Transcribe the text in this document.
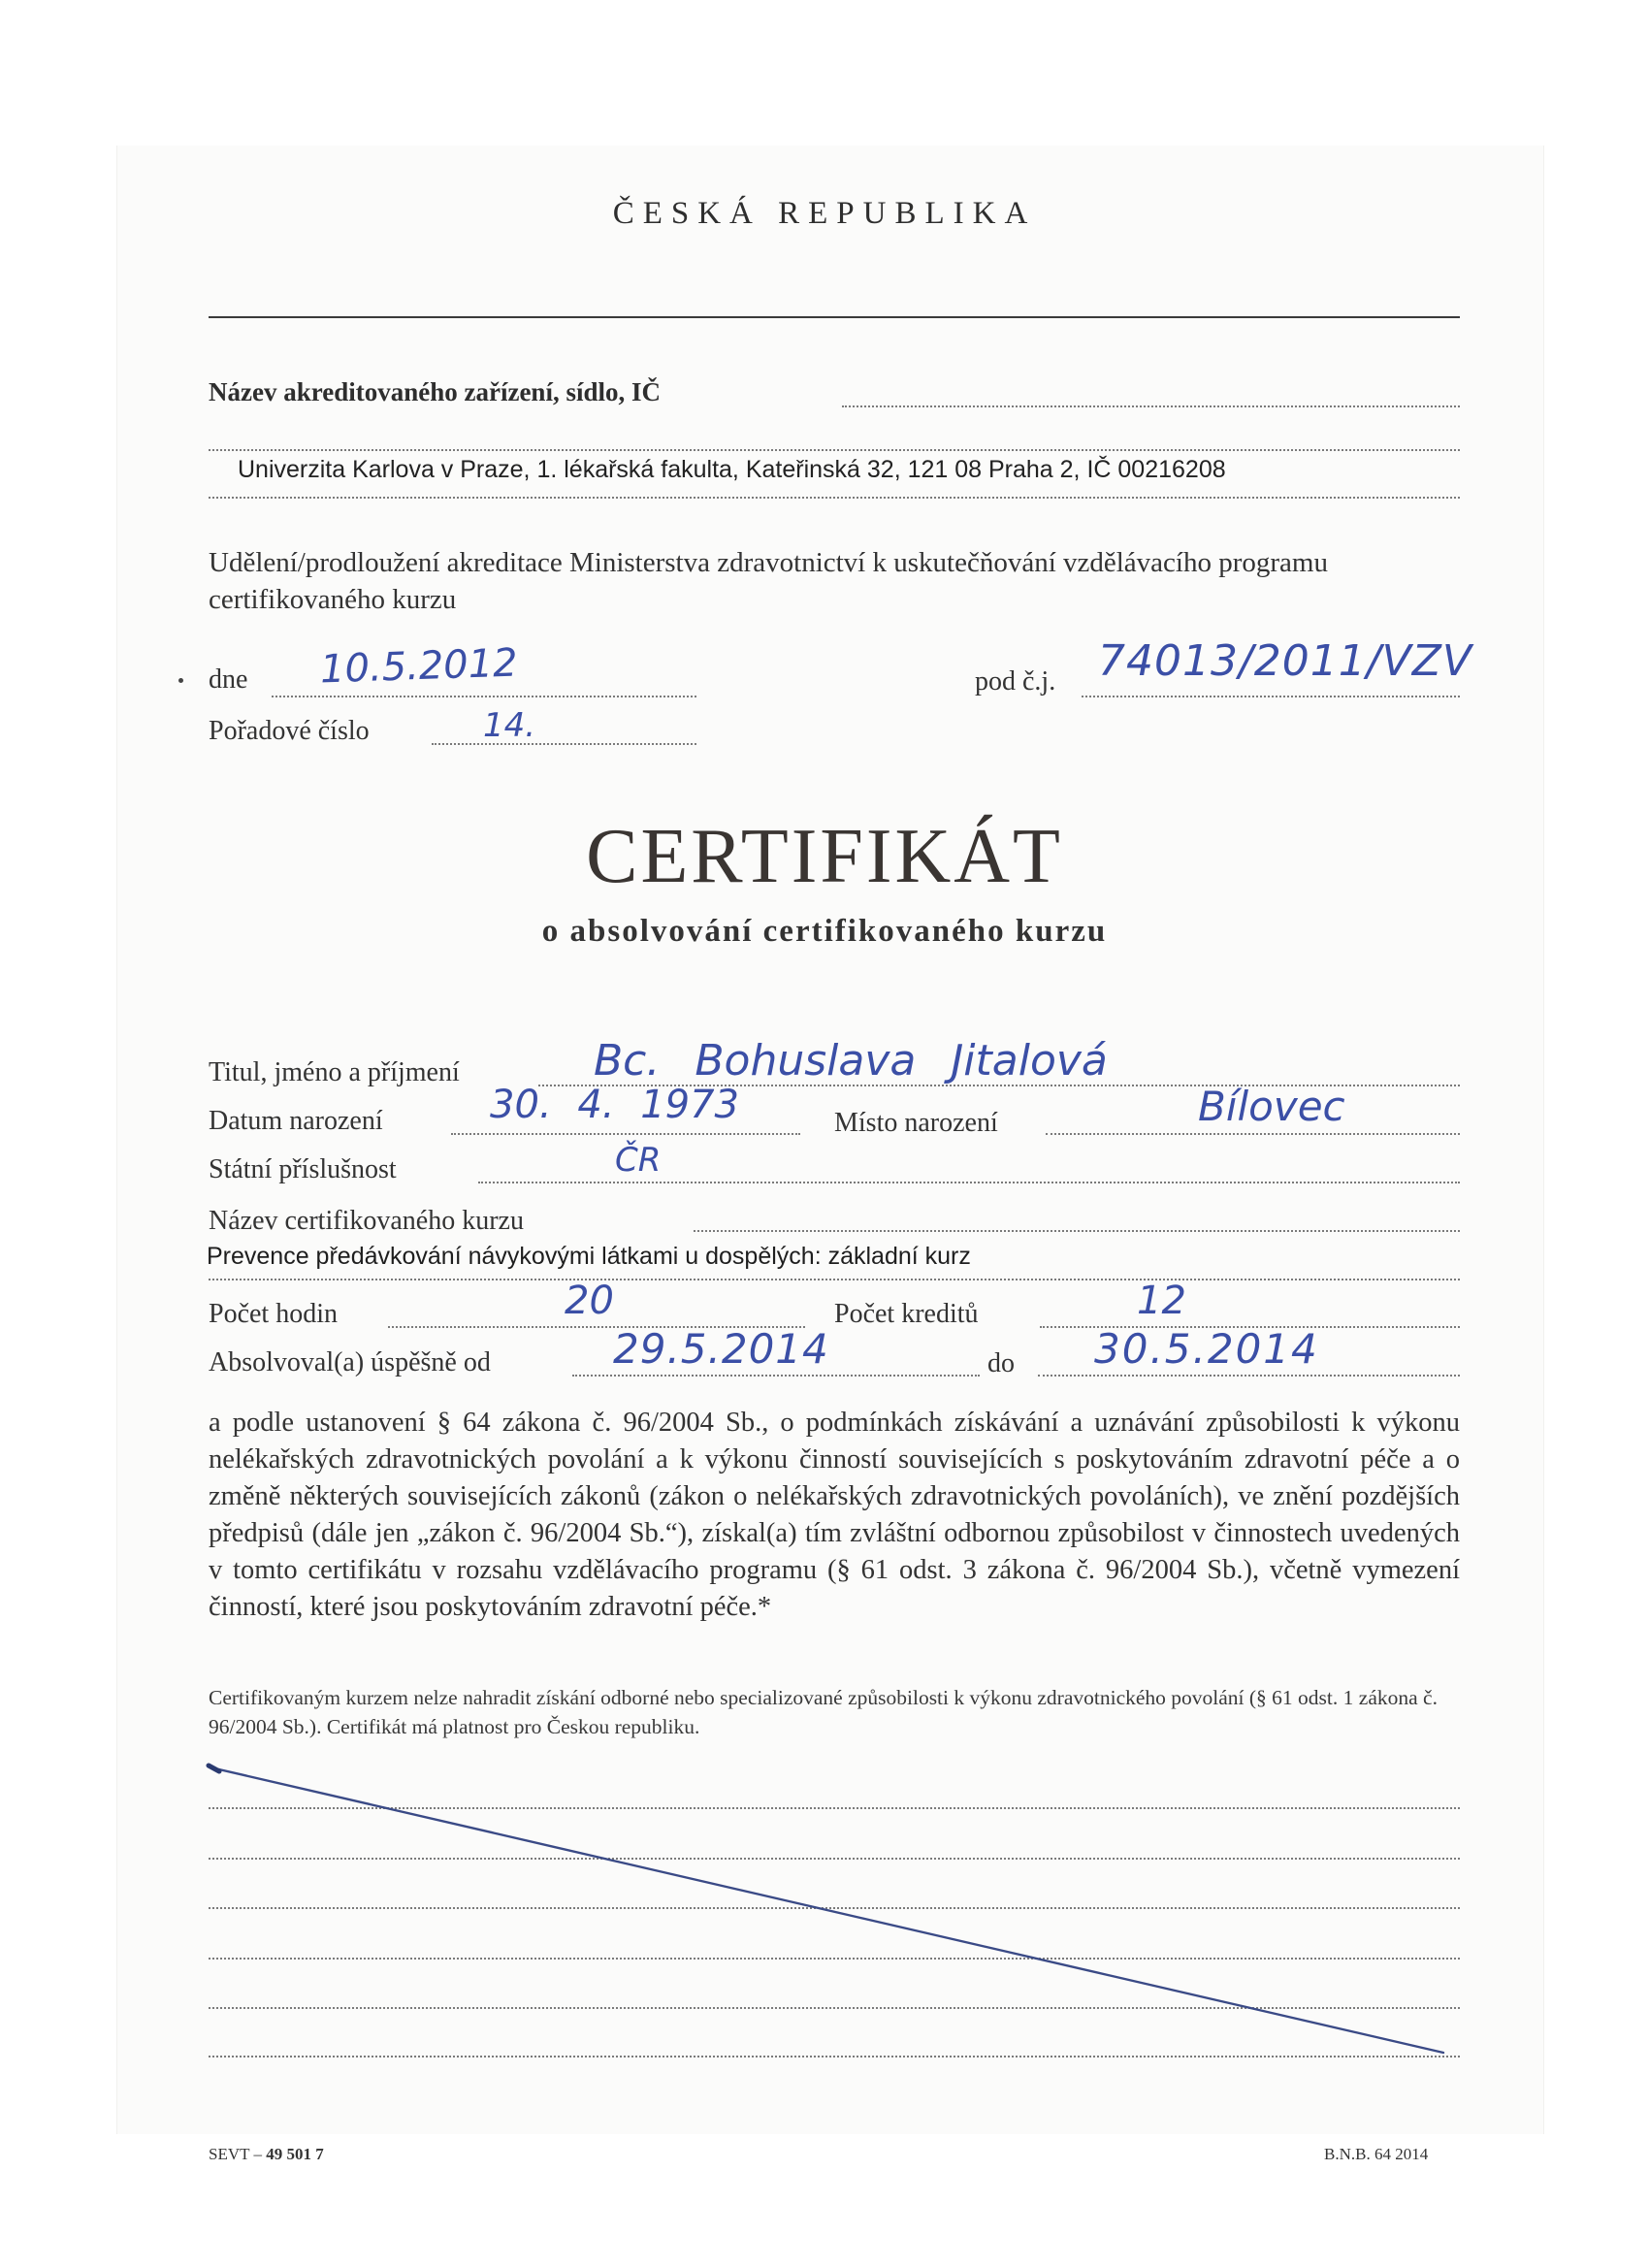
ČESKÁ REPUBLIKA
Název akreditovaného zařízení, sídlo, IČ
Univerzita Karlova v Praze, 1. lékařská fakulta, Kateřinská 32, 121 08 Praha 2, IČ 00216208
Udělení/prodloužení akreditace Ministerstva zdravotnictví k uskutečňování vzdělávacího programu certifikovaného kurzu
dne 10.5.2012	pod č.j. 74013/2011/VZV
Pořadové číslo	14.
CERTIFIKÁT
o absolvování certifikovaného kurzu
Titul, jméno a příjmení	Bc. Bohuslava Jitalová
Datum narození	30. 4. 1973	Místo narození	Bílovec
Státní příslušnost	ČR
Název certifikovaného kurzu
Prevence předávkování návykovými látkami u dospělých: základní kurz
Počet hodin	20	Počet kreditů	12
Absolvoval(a) úspěšně od	29.5.2014	do 30.5.2014
a podle ustanovení § 64 zákona č. 96/2004 Sb., o podmínkách získávání a uznávání způsobilosti k výkonu nelékařských zdravotnických povolání a k výkonu činností souvisejících s poskytováním zdravotní péče a o změně některých souvisejících zákonů (zákon o nelékařských zdravotnických povoláních), ve znění pozdějších předpisů (dále jen „zákon č. 96/2004 Sb.“), získal(a) tím zvláštní odbornou způsobilost v činnostech uvedených v tomto certifikátu v rozsahu vzdělávacího programu (§ 61 odst. 3 zákona č. 96/2004 Sb.), včetně vymezení činností, které jsou poskytováním zdravotní péče.*
Certifikovaným kurzem nelze nahradit získání odborné nebo specializované způsobilosti k výkonu zdravotnického povolání (§ 61 odst. 1 zákona č. 96/2004 Sb.). Certifikát má platnost pro Českou republiku.
SEVT – 49 501 7	B.N.B. 64 2014
